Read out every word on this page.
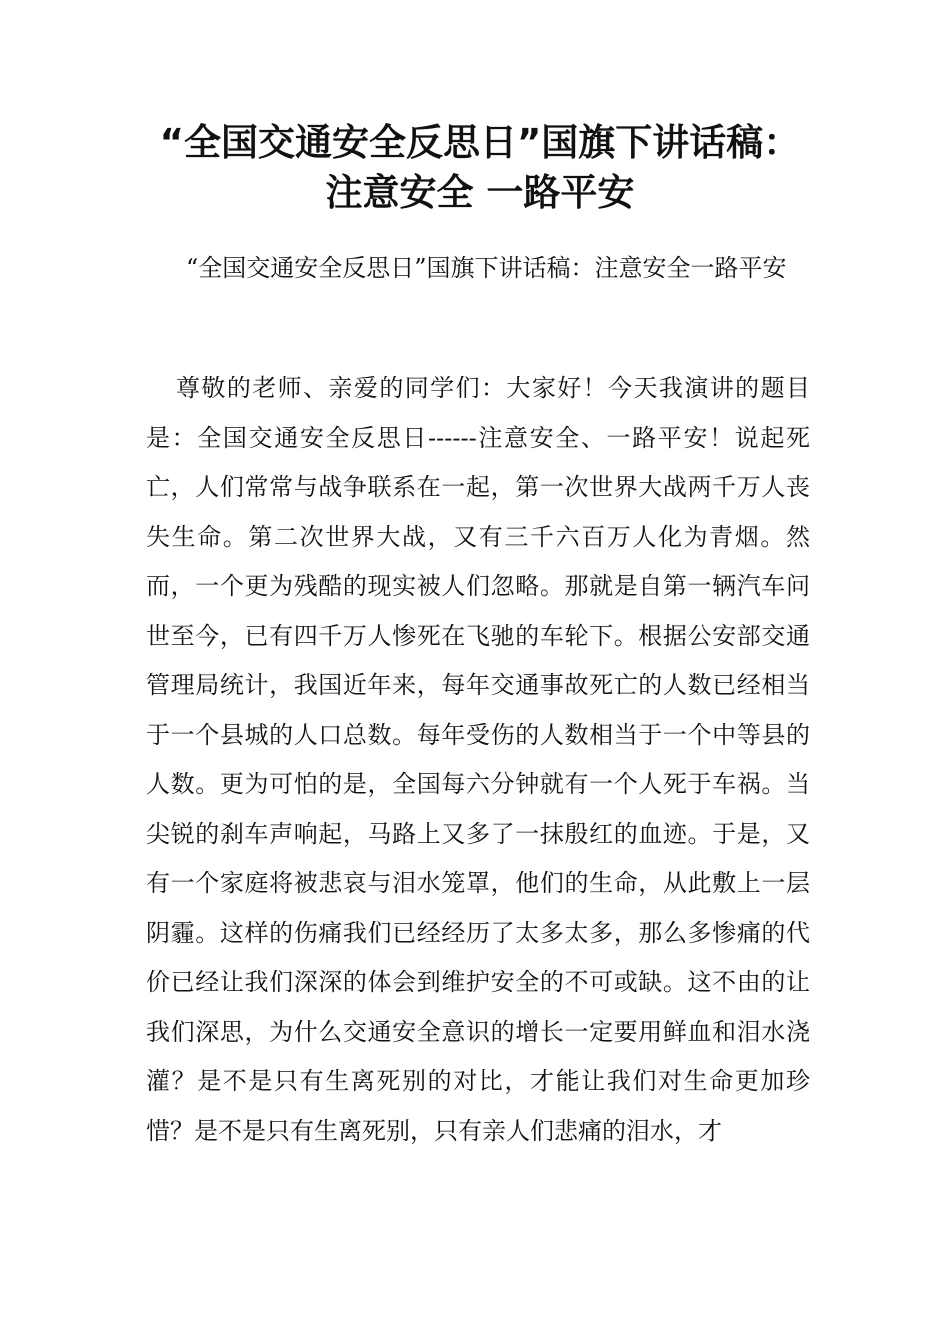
“全国交通安全反思日”国旗下讲话稿：
注意安全 一路平安

“全国交通安全反思日”国旗下讲话稿：注意安全一路平安

尊敬的老师、亲爱的同学们：大家好！今天我演讲的题目是：全国交通安全反思日------注意安全、一路平安！说起死亡，人们常常与战争联系在一起，第一次世界大战两千万人丧失生命。第二次世界大战，又有三千六百万人化为青烟。然而，一个更为残酷的现实被人们忽略。那就是自第一辆汽车问世至今，已有四千万人惨死在飞驰的车轮下。根据公安部交通管理局统计，我国近年来，每年交通事故死亡的人数已经相当于一个县城的人口总数。每年受伤的人数相当于一个中等县的人数。更为可怕的是，全国每六分钟就有一个人死于车祸。当尖锐的刹车声响起，马路上又多了一抹殷红的血迹。于是，又有一个家庭将被悲哀与泪水笼罩，他们的生命，从此敷上一层阴霾。这样的伤痛我们已经经历了太多太多，那么多惨痛的代价已经让我们深深的体会到维护安全的不可或缺。这不由的让我们深思，为什么交通安全意识的增长一定要用鲜血和泪水浇灌？是不是只有生离死别的对比，才能让我们对生命更加珍惜？是不是只有生离死别，只有亲人们悲痛的泪水，才
